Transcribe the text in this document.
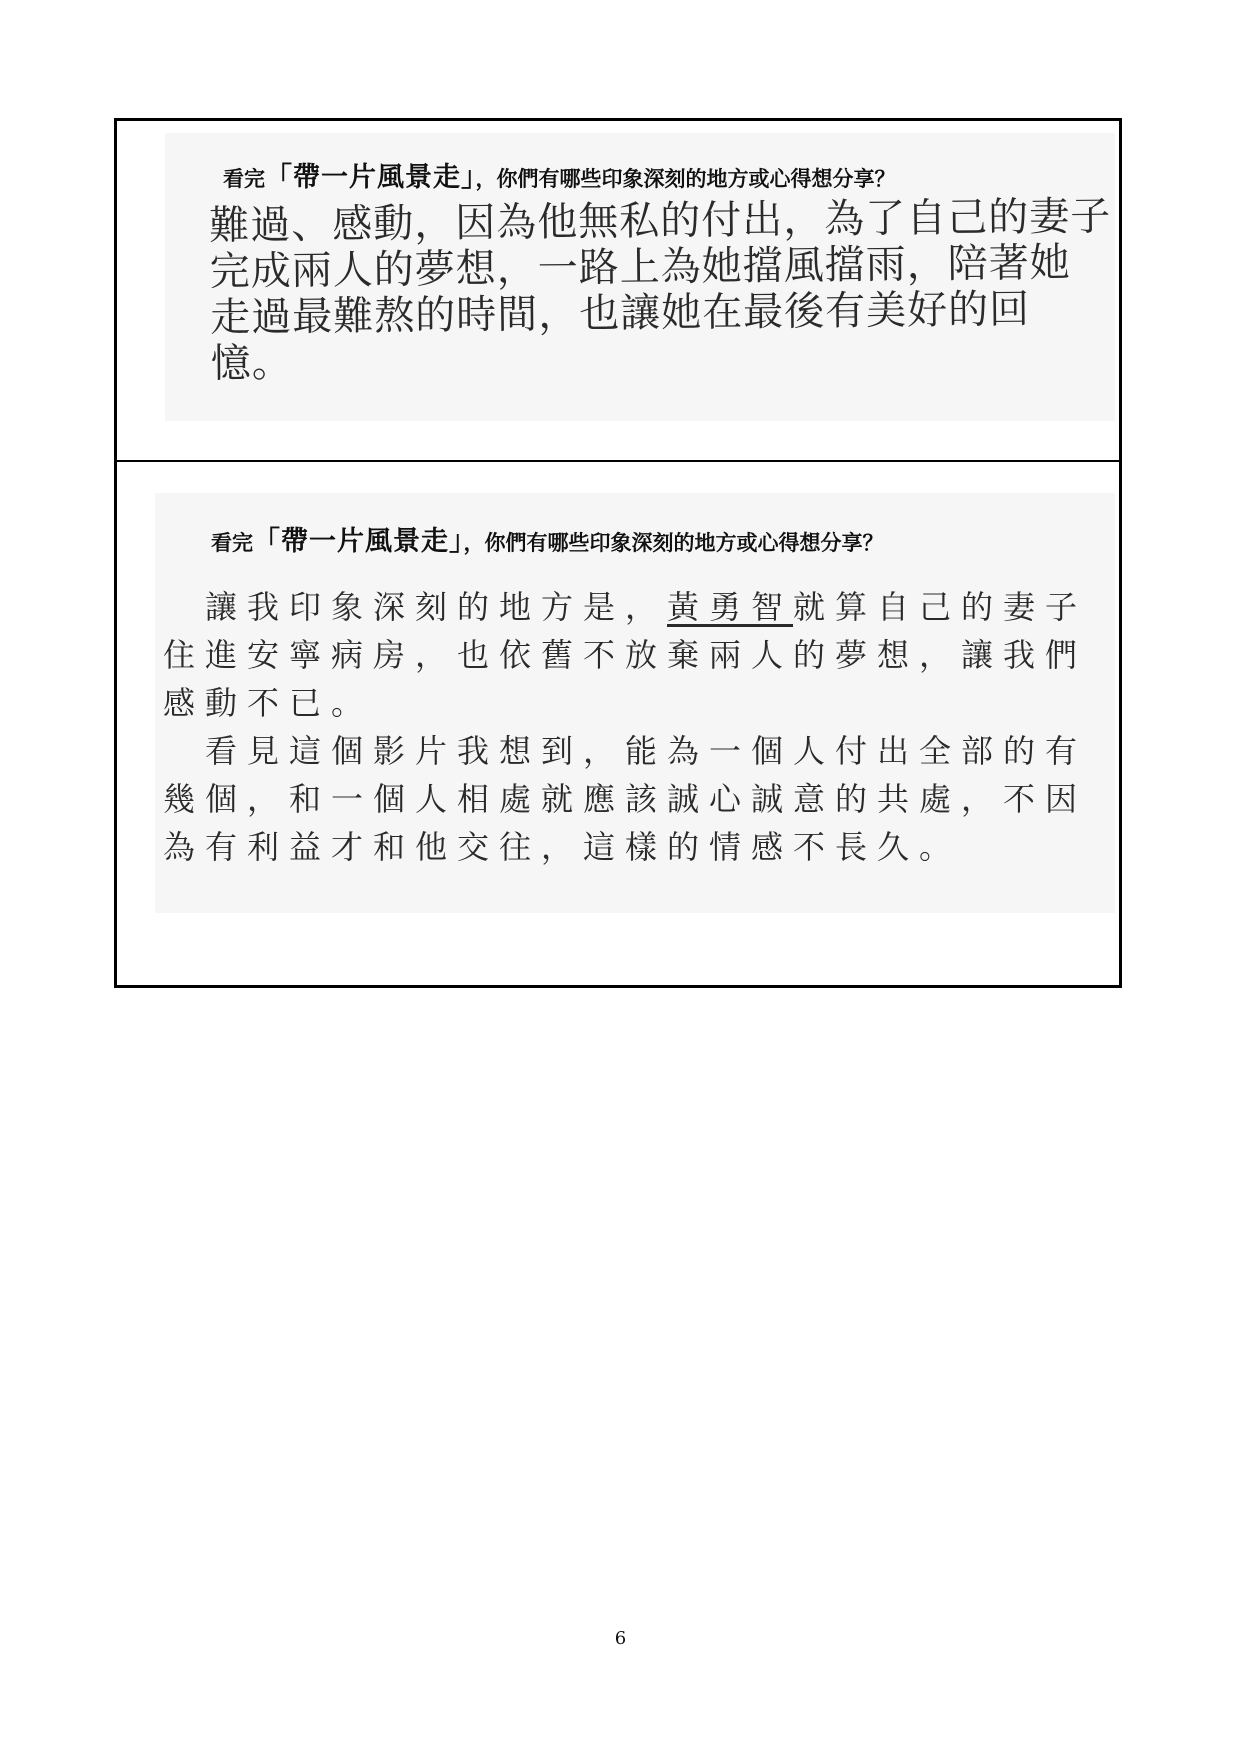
看完「帶一片風景走」，你們有哪些印象深刻的地方或心得想分享？
難過、感動，因為他無私的付出，為了自己的妻子
完成兩人的夢想，一路上為她擋風擋雨，陪著她
走過最難熬的時間，也讓她在最後有美好的回
憶。
看完「帶一片風景走」，你們有哪些印象深刻的地方或心得想分享？
　讓我印象深刻的地方是，黃勇智就算自己的妻子
住進安寧病房，也依舊不放棄兩人的夢想，讓我們
感動不已。
　看見這個影片我想到，能為一個人付出全部的有
幾個，和一個人相處就應該誠心誠意的共處，不因
為有利益才和他交往，這樣的情感不長久。
6
